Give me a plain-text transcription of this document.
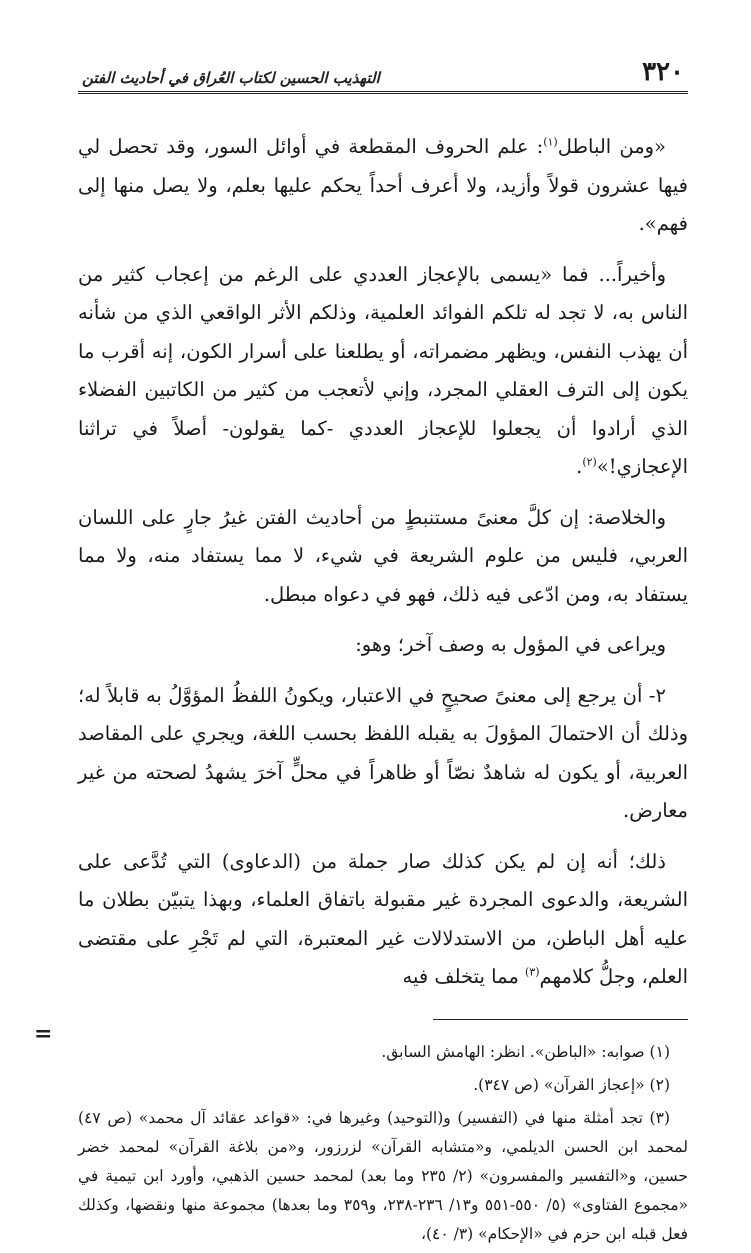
٣٢٠
التهذيب الحسين لكتاب العُراق في أحاديث الفتن

«ومن الباطل$^{(١)}$: علم الحروف المقطعة في أوائل السور، وقد تحصل لي فيها عشرون قولاً وأزيد، ولا أعرف أحداً يحكم عليها بعلم، ولا يصل منها إلى فهم».

وأخيراً... فما «يسمى بالإعجاز العددي على الرغم من إعجاب كثير من الناس به، لا تجد له تلكم الفوائد العلمية، وذلكم الأثر الواقعي الذي من شأنه أن يهذب النفس، ويظهر مضمراته، أو يطلعنا على أسرار الكون، إنه أقرب ما يكون إلى الترف العقلي المجرد، وإني لأتعجب من كثير من الكاتبين الفضلاء الذي أرادوا أن يجعلوا للإعجاز العددي -كما يقولون- أصلاً في تراثنا الإعجازي!»$^{(٢)}$.

والخلاصة: إن كلَّ معنىً مستنبطٍ من أحاديث الفتن غيرُ جارٍ على اللسان العربي، فليس من علوم الشريعة في شيء، لا مما يستفاد منه، ولا مما يستفاد به، ومن ادّعى فيه ذلك، فهو في دعواه مبطل.

ويراعى في المؤول به وصف آخر؛ وهو:

٢- أن يرجع إلى معنىً صحيحٍ في الاعتبار، ويكونُ اللفظُ المؤوَّلُ به قابلاً له؛ وذلك أن الاحتمالَ المؤولَ به يقبله اللفظ بحسب اللغة، ويجري على المقاصد العربية، أو يكون له شاهدٌ نصّاً أو ظاهراً في محلٍّ آخرَ يشهدُ لصحته من غير معارض.

ذلك؛ أنه إن لم يكن كذلك صار جملة من (الدعاوى) التي تُدَّعى على الشريعة، والدعوى المجردة غير مقبولة باتفاق العلماء، وبهذا يتبيّن بطلان ما عليه أهل الباطن، من الاستدلالات غير المعتبرة، التي لم تَجْرِ على مقتضى العلم، وجلُّ كلامهم$^{(٣)}$ مما يتخلف فيه

(١) صوابه: «الباطن». انظر: الهامش السابق.

(٢) «إعجاز القرآن» (ص ٣٤٧).

(٣) تجد أمثلة منها في (التفسير) و(التوحيد) وغيرها في: «قواعد عقائد آل محمد» (ص ٤٧) لمحمد ابن الحسن الديلمي، و«متشابه القرآن» لزرزور، و«من بلاغة القرآن» لمحمد خضر حسين، و«التفسير والمفسرون» (٢/ ٢٣٥ وما بعد) لمحمد حسين الذهبي، وأورد ابن تيمية في «مجموع الفتاوى» (٥/ ٥٥٠-٥٥١ و١٣/ ٢٣٦-٢٣٨، و٣٥٩ وما بعدها) مجموعة منها ونقضها، وكذلك فعل قبله ابن حزم في «الإحكام» (٣/ ٤٠)،

=
